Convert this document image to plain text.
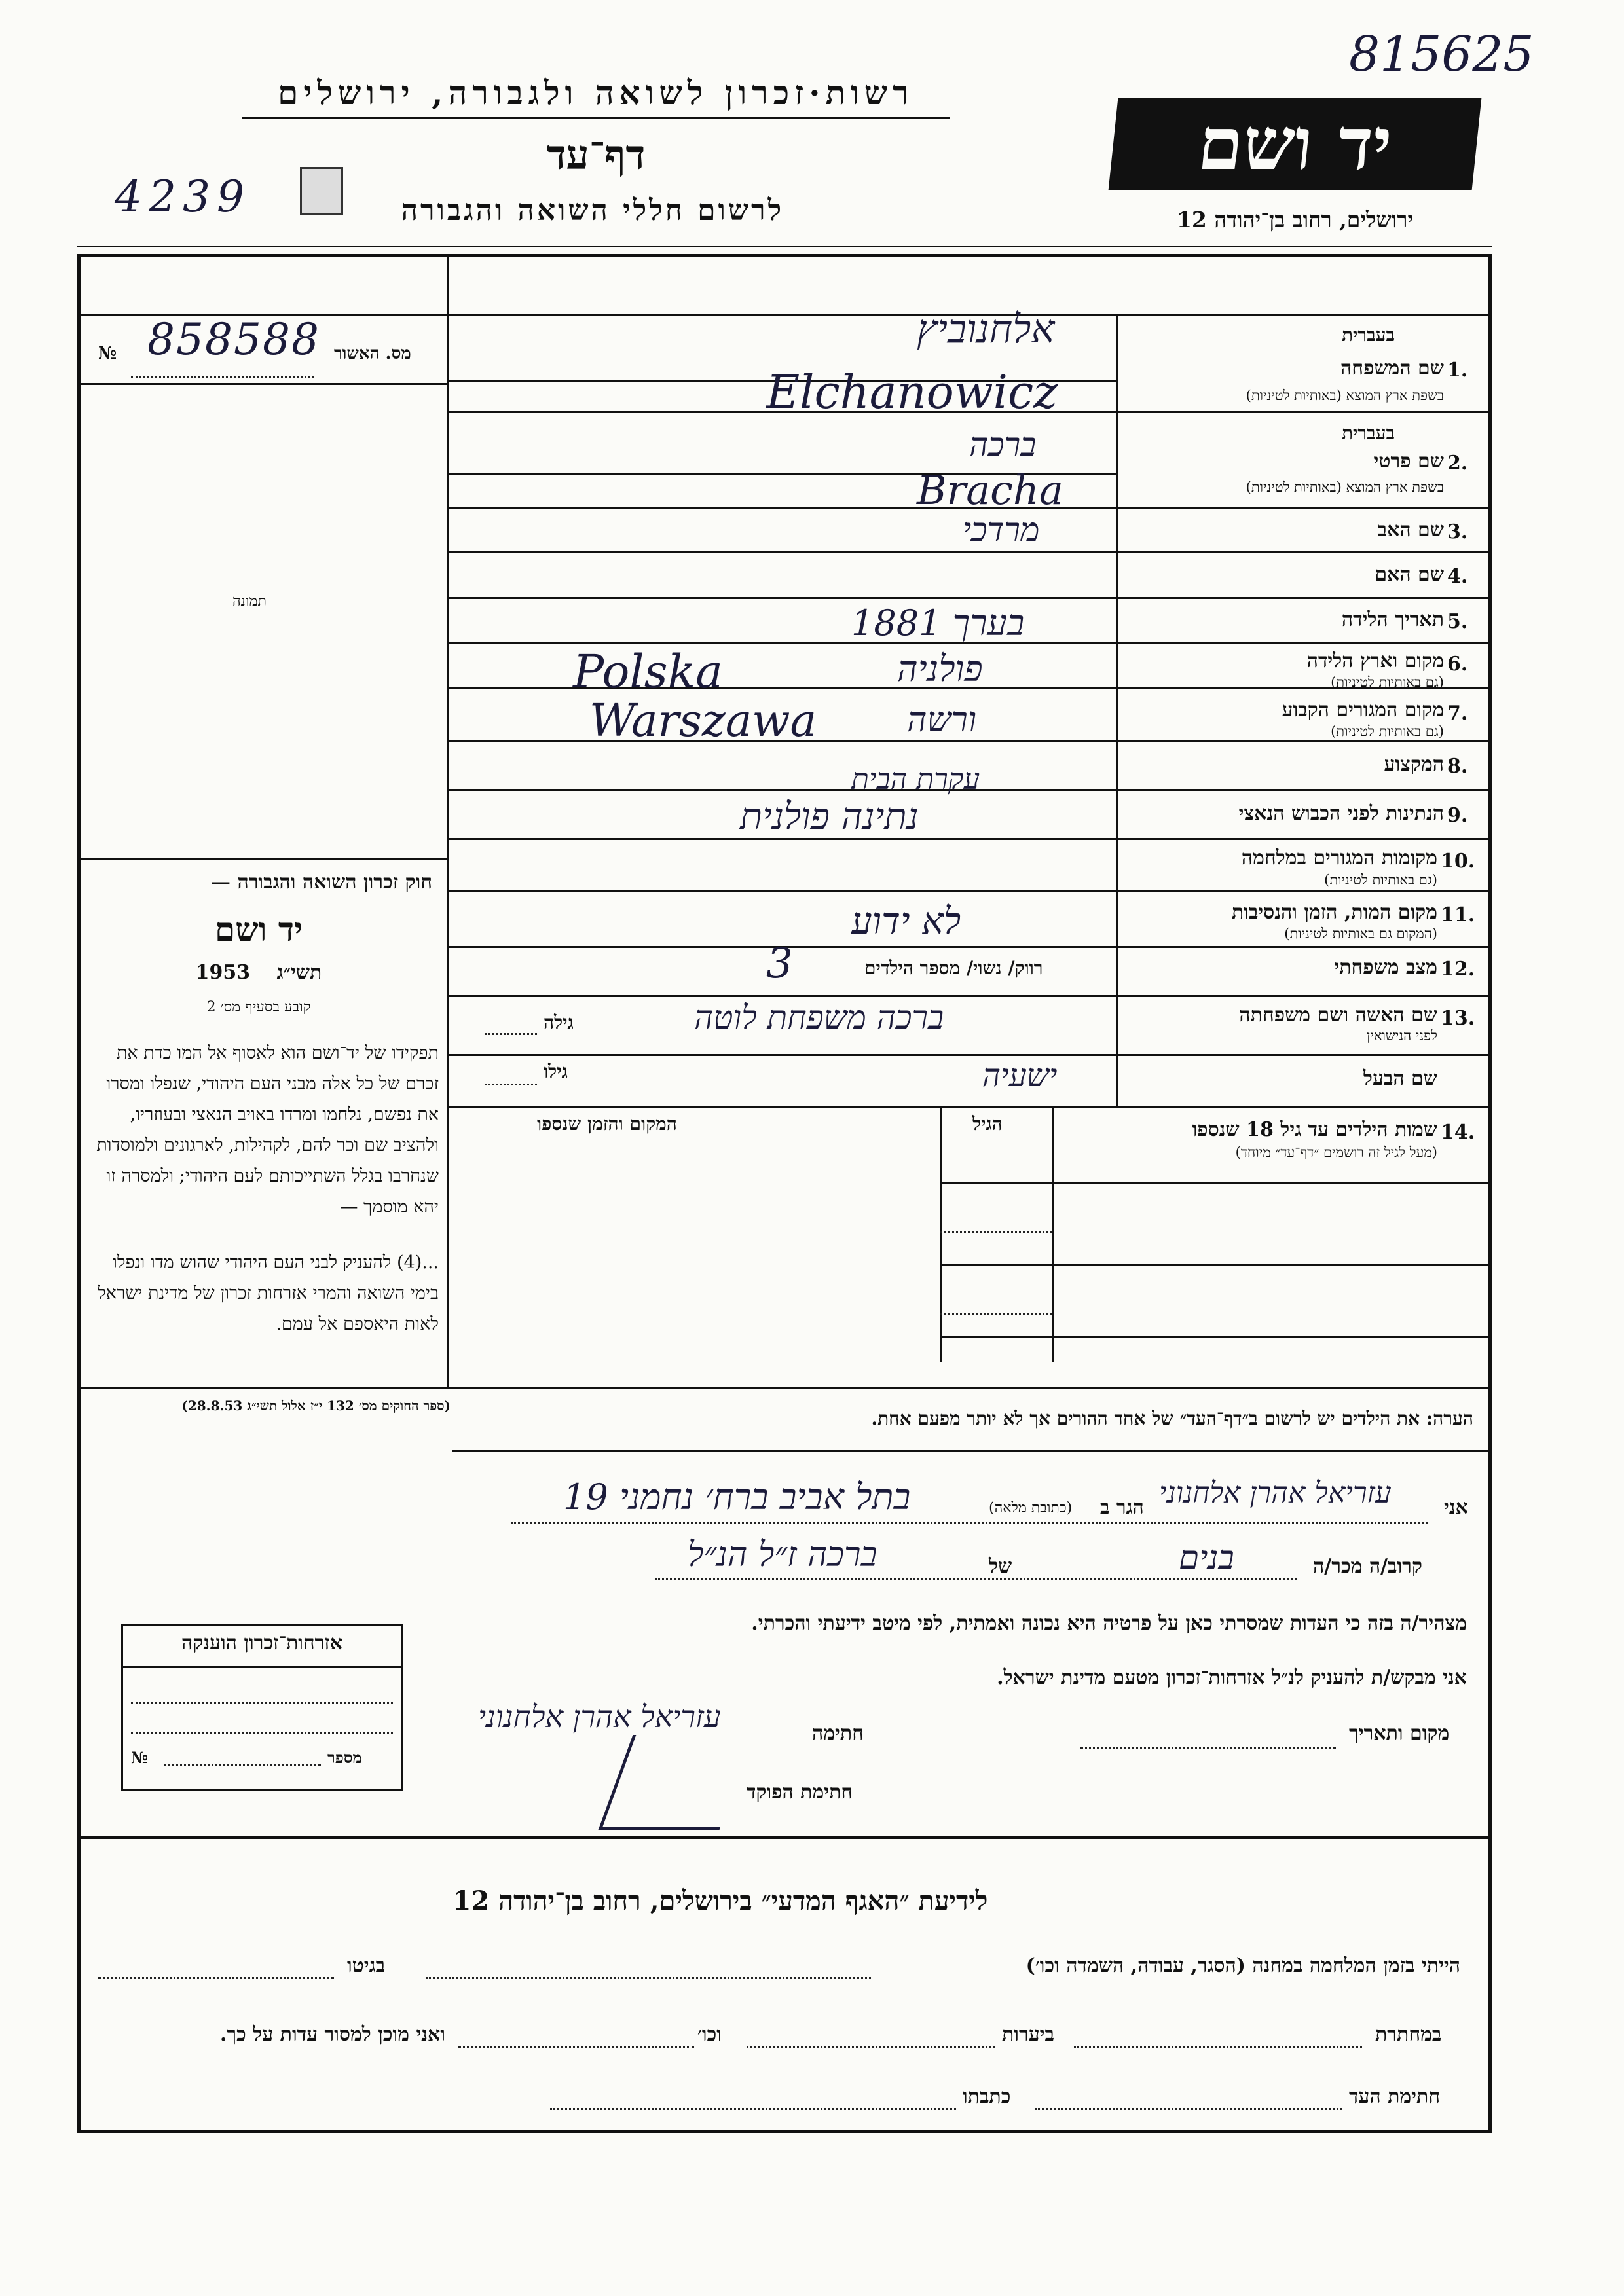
רשות·זכרון לשואה ולגבורה, ירושלים
דף־עד
לרשום חללי השואה והגבורה
4239
815625
יד ושם
ירושלים, רחוב בן־יהודה 12
מס. האשור
№ 858588
תמונה
חוק זכרון השואה והגבורה —
יד ושם
תשי״ג 1953
קובע בסעיף מס׳ 2
תפקידו של יד־ושם הוא לאסוף אל המו כדת את זכרם של כל אלה מבני העם היהודי, שנפלו ומסרו את נפשם, נלחמו ומרדו באויב הנאצי ובעוזריו, ולהציב שם וכר להם, לקהילות, לארגונים ולמוסדות שנחרבו בגלל השתייכותם לעם היהודי; ולמסרה זו יהא מוסמך —
...(4) להעניק לבני העם היהודי שהוש מדו ונפלו בימי השואה והמרי אזרחות זכרון של מדינת ישראל לאות היאספם אל עמם.
(ספר החוקים מס׳ 132 י״ז אלול תשי״ג 28.8.53)
בעברית
1.
שם המשפחה
בשפת ארץ המוצא (באותיות לטיניות)
אלחנוביץ
Elchanowicz
בעברית
2.
שם פרטי
בשפת ארץ המוצא (באותיות לטיניות)
ברכה
Bracha
3.
שם האב
מרדכי
4.
שם האם
5.
תאריך הלידה
בערך 1881
6.
מקום וארץ הלידה
(גם באותיות לטיניות)
פולניה
Polska
7.
מקום המגורים הקבוע
(גם באותיות לטיניות)
ורשה
Warszawa
8.
המקצוע
עקרת הבית
9.
הנתינות לפני הכבוש הנאצי
נתינה פולנית
10.
מקומות המגורים במלחמה
(גם באותיות לטיניות)
11.
מקום המות, הזמן והנסיבות
(המקום גם באותיות לטיניות)
לא ידוע
12.
מצב משפחתי
רווק/ נשוי/ מספר הילדים
3
13.
שם האשה ושם משפחתה
לפני הנישואין
ברכה משפחת לוטה
גילה
שם הבעל
ישעיה
גילו
14.
שמות הילדים עד גיל 18 שנספו
(מעל לגיל זה רושמים ״דף־עד״ מיוחד)
הגיל
המקום והזמן שנספו
הערה: את הילדים יש לרשום ב״דף־העד״ של אחד ההורים אך לא יותר מפעם אחת.
אני
עזריאל אהרן אלחנוני
הגר ב
(כתובת מלאה)
בתל אביב ברח׳ נחמני 19
קרוב/ה מכר/ה
בנים
של
ברכה ז״ל הנ״ל
מצהיר/ה בזה כי העדות שמסרתי כאן על פרטיה היא נכונה ואמתית, לפי מיטב ידיעתי והכרתי.
אני מבקש/ת להעניק לנ״ל אזרחות־זכרון מטעם מדינת ישראל.
מקום ותאריך
חתימה
עזריאל אהרן אלחנוני
חתימת הפוקד
אזרחות־זכרון הוענקה
№	מספר
לידיעת ״האגף המדעי״ בירושלים, רחוב בן־יהודה 12
הייתי בזמן המלחמה במחנה (הסגר, עבודה, השמדה וכו׳)
בגיטו
במחתרת
ביערות
וכו׳
ואני מוכן למסור עדות על כך.
חתימת העד
כתבתו
